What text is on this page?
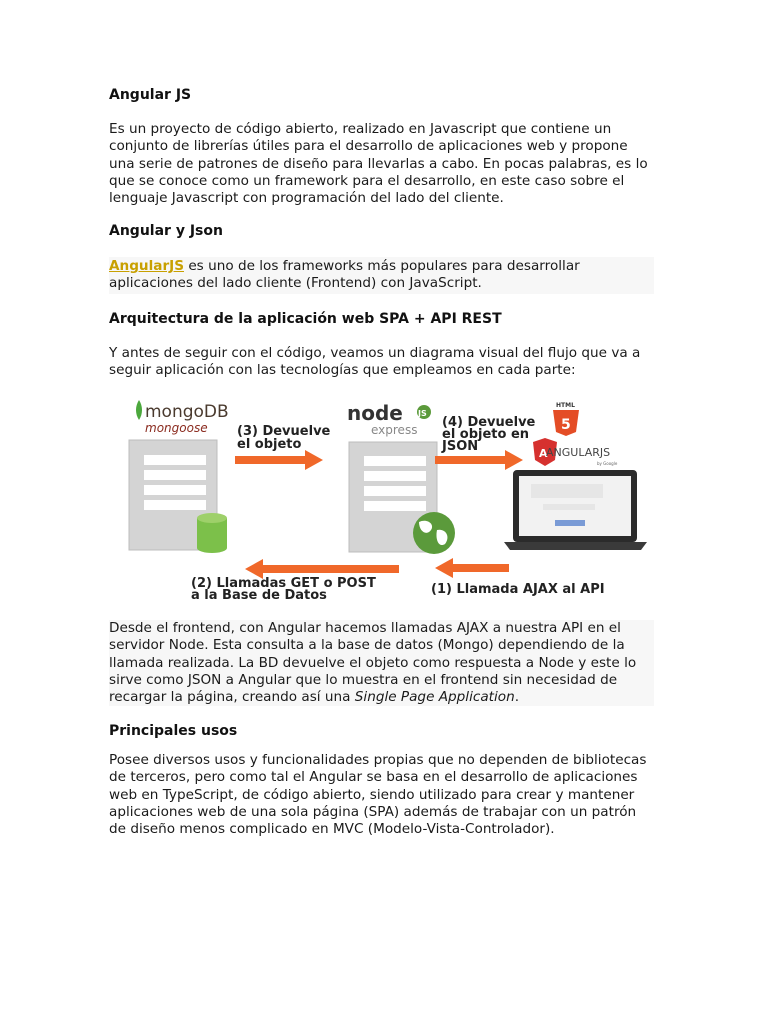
Angular JS

Es un proyecto de código abierto, realizado en Javascript que contiene un conjunto de librerías útiles para el desarrollo de aplicaciones web y propone una serie de patrones de diseño para llevarlas a cabo. En pocas palabras, es lo que se conoce como un framework para el desarrollo, en este caso sobre el lenguaje Javascript con programación del lado del cliente.

Angular y Json

AngularJS es uno de los frameworks más populares para desarrollar aplicaciones del lado cliente (Frontend) con JavaScript.

Arquitectura de la aplicación web SPA + API REST

Y antes de seguir con el código, veamos un diagrama visual del flujo que va a seguir aplicación con las tecnologías que empleamos en cada parte:

Desde el frontend, con Angular hacemos llamadas AJAX a nuestra API en el servidor Node. Esta consulta a la base de datos (Mongo) dependiendo de la llamada realizada. La BD devuelve el objeto como respuesta a Node y este lo sirve como JSON a Angular que lo muestra en el frontend sin necesidad de recargar la página, creando así una Single Page Application.

Principales usos

Posee diversos usos y funcionalidades propias que no dependen de bibliotecas de terceros, pero como tal el Angular se basa en el desarrollo de aplicaciones web en TypeScript, de código abierto, siendo utilizado para crear y mantener aplicaciones web de una sola página (SPA) además de trabajar con un patrón de diseño menos complicado en MVC (Modelo-Vista-Controlador).

mongoDB
mongoose (3) Devuelve
el objeto
node JS
express (4) Devuelve
el objeto en
JSON
HTML
5
A
ANGULARJS
by Google
(2) Llamadas GET o POST
a la Base de Datos	(1) Llamada AJAX al API
